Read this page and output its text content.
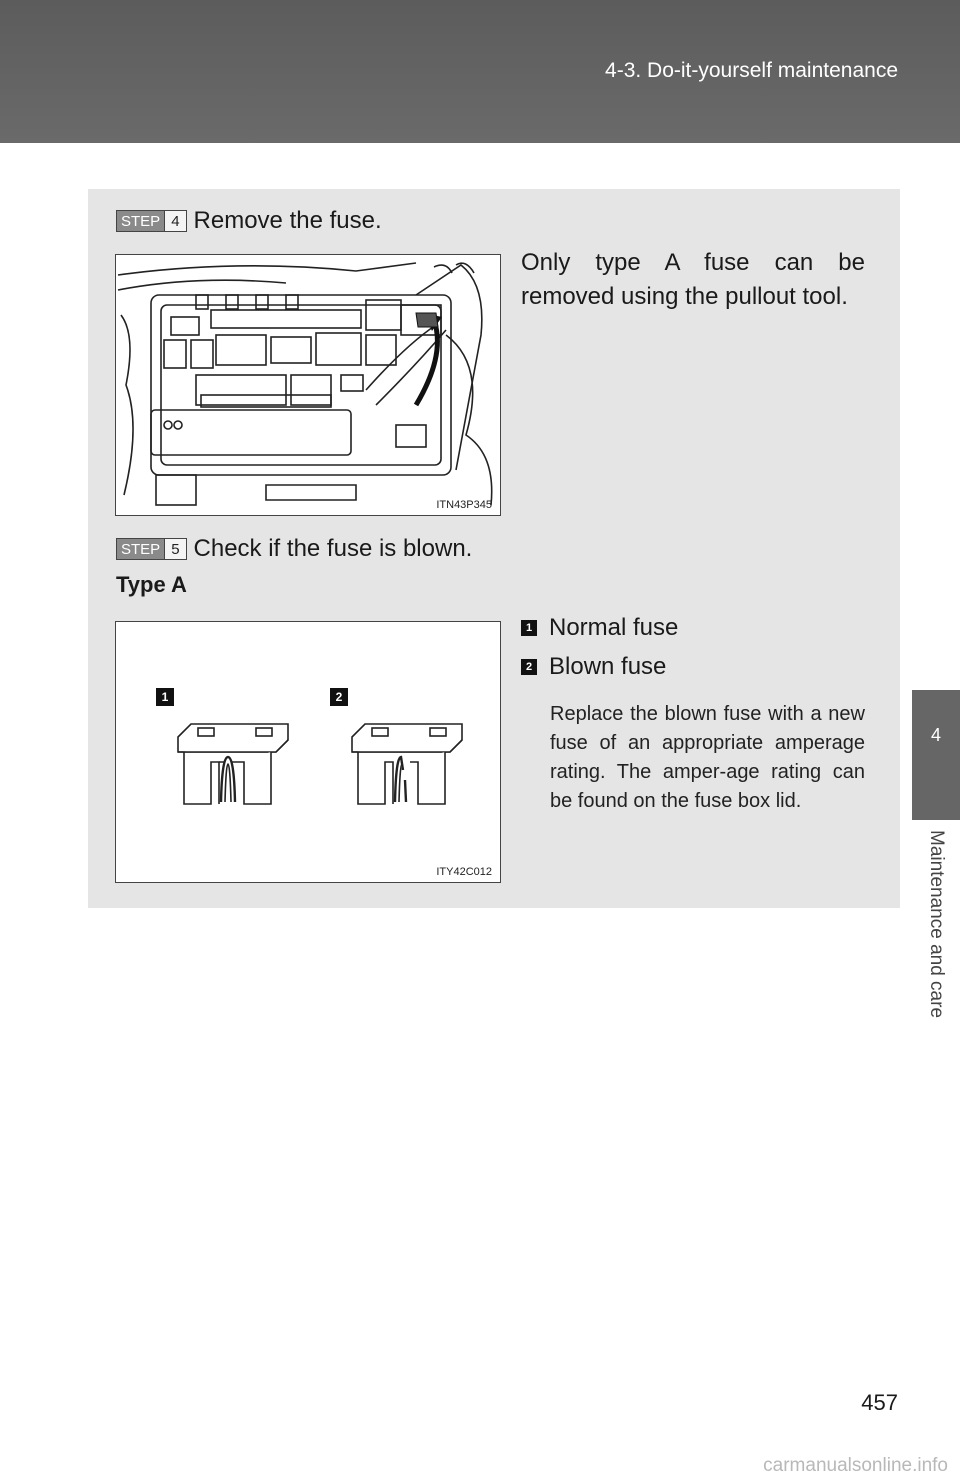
4-3. Do-it-yourself maintenance
4
Maintenance and care
STEP 4 Remove the fuse.
ITN43P345
Only type A fuse can be removed using the pullout tool.
STEP 5 Check if the fuse is blown.
Type A
1	2
ITY42C012
1 Normal fuse
2 Blown fuse
Replace the blown fuse with a new fuse of an appropriate amperage rating. The amper-age rating can be found on the fuse box lid.
457
carmanualsonline.info
